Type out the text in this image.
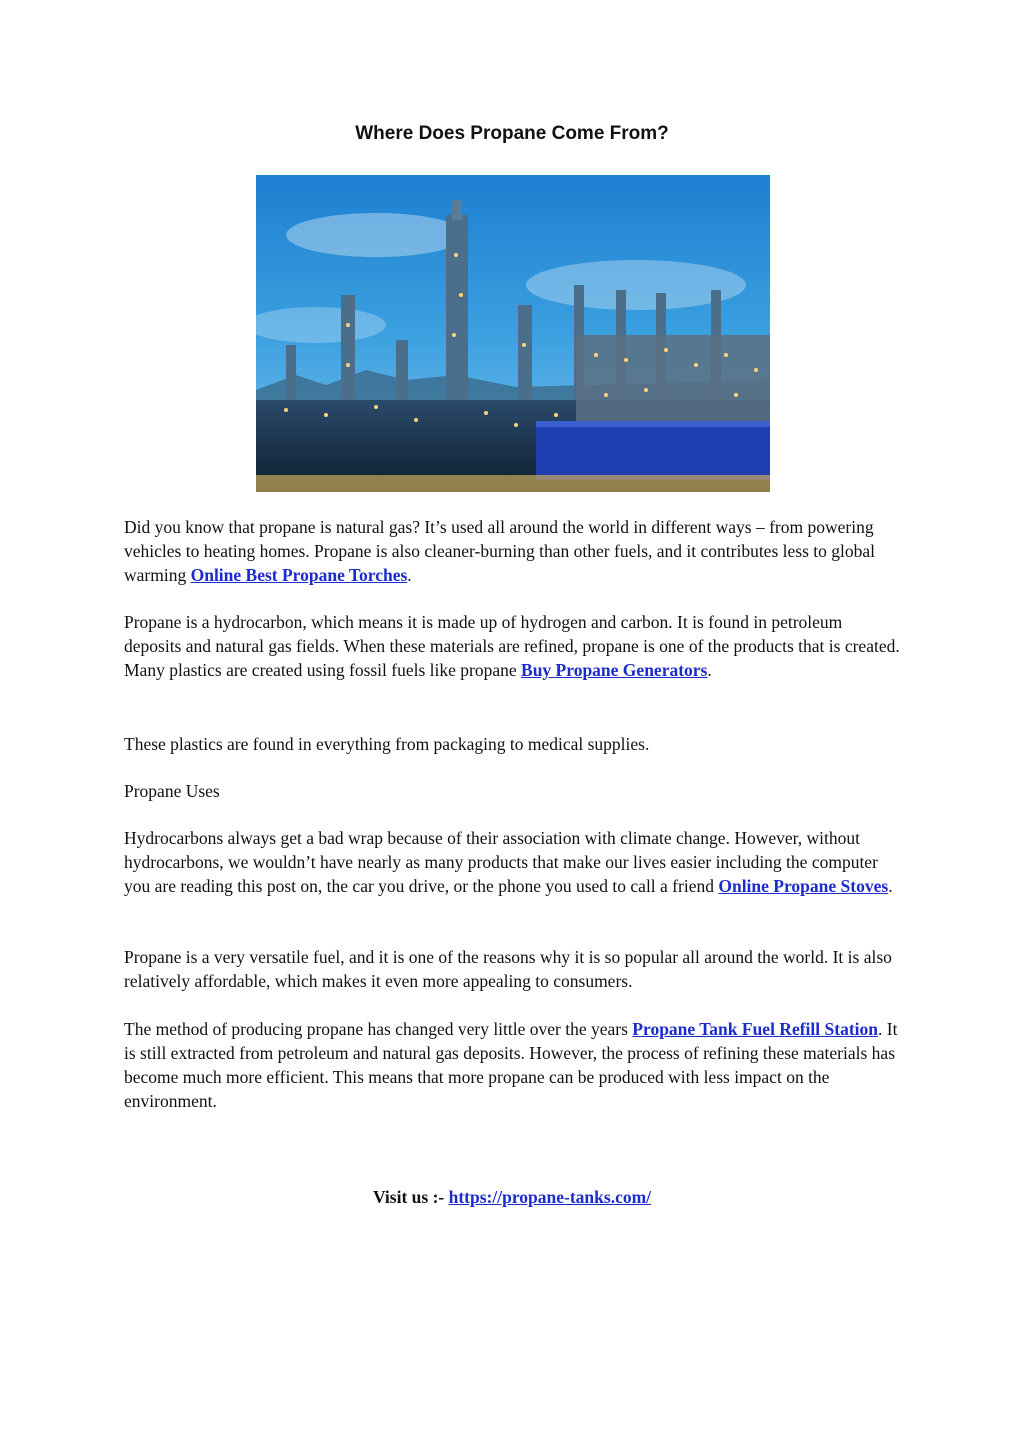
Where Does Propane Come From?

Did you know that propane is natural gas? It’s used all around the world in different ways – from powering vehicles to heating homes. Propane is also cleaner-burning than other fuels, and it contributes less to global warming Online Best Propane Torches.

Propane is a hydrocarbon, which means it is made up of hydrogen and carbon. It is found in petroleum deposits and natural gas fields. When these materials are refined, propane is one of the products that is created. Many plastics are created using fossil fuels like propane Buy Propane Generators.

These plastics are found in everything from packaging to medical supplies.

Propane Uses

Hydrocarbons always get a bad wrap because of their association with climate change. However, without hydrocarbons, we wouldn’t have nearly as many products that make our lives easier including the computer you are reading this post on, the car you drive, or the phone you used to call a friend Online Propane Stoves.

Propane is a very versatile fuel, and it is one of the reasons why it is so popular all around the world. It is also relatively affordable, which makes it even more appealing to consumers.

The method of producing propane has changed very little over the years Propane Tank Fuel Refill Station. It is still extracted from petroleum and natural gas deposits. However, the process of refining these materials has become much more efficient. This means that more propane can be produced with less impact on the environment.

Visit us :- https://propane-tanks.com/
